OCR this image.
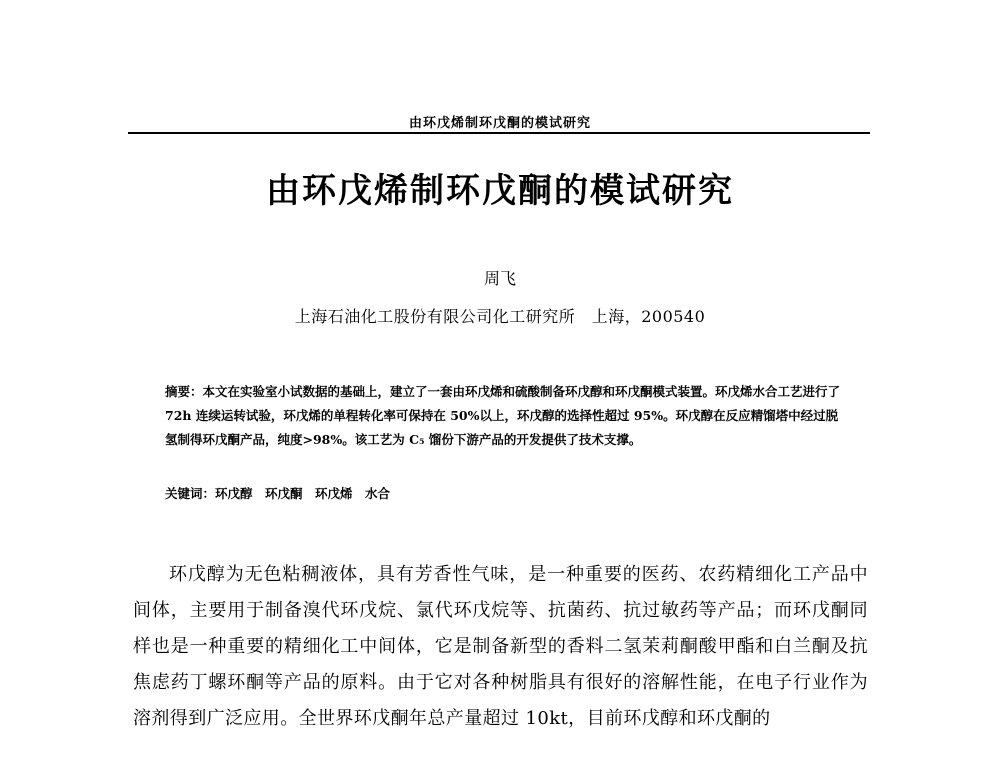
由环戊烯制环戊酮的模试研究
由环戊烯制环戊酮的模试研究
周飞
上海石油化工股份有限公司化工研究所　上海，200540

摘要：本文在实验室小试数据的基础上，建立了一套由环戊烯和硫酸制备环戊醇和环戊酮模式装置。环戊烯水合工艺进行了 72h 连续运转试验，环戊烯的单程转化率可保持在 50%以上，环戊醇的选择性超过 95%。环戊醇在反应精馏塔中经过脱氢制得环戊酮产品，纯度>98%。该工艺为 C₅ 馏份下游产品的开发提供了技术支撑。

关键词：环戊醇　环戊酮　环戊烯　水合

环戊醇为无色粘稠液体，具有芳香性气味，是一种重要的医药、农药精细化工产品中间体，主要用于制备溴代环戊烷、氯代环戊烷等、抗菌药、抗过敏药等产品；而环戊酮同样也是一种重要的精细化工中间体，它是制备新型的香料二氢茉莉酮酸甲酯和白兰酮及抗焦虑药丁螺环酮等产品的原料。由于它对各种树脂具有很好的溶解性能，在电子行业作为溶剂得到广泛应用。全世界环戊酮年总产量超过 10kt，目前环戊醇和环戊酮的
